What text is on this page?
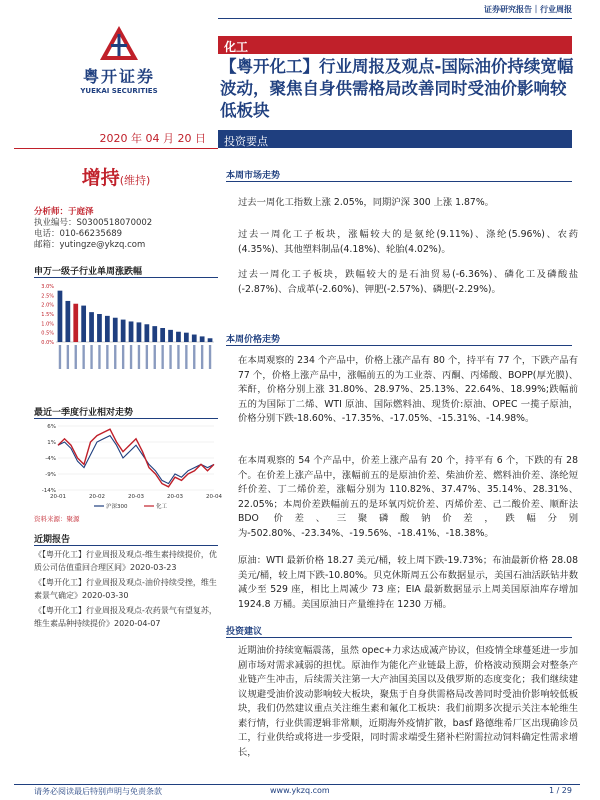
证券研究报告｜行业周报
粤开证券
YUEKAI SECURITIES
化工
【粤开化工】行业周报及观点-国际油价持续宽幅波动，聚焦自身供需格局改善同时受油价影响较低板块
2020 年 04 月 20 日	投资要点
增持(维持)
分析师：于庭泽
执业编号：S0300518070002
电话：010-66235689
邮箱：yutingze@ykzq.com
申万一级子行业单周涨跌幅
3.0%
2.5%
2.0%
1.5%
1.0%
0.5%
0.0%
最近一季度行业相对走势
6%
1%
-4%
-9%
-14%
20-01	20-02	20-03	20-03	20-04
沪深300	化工
资料来源：聚源
近期报告
《【粤开化工】行业周报及观点-维生素持续提价，优质公司估值重回合理区间》2020-03-23
《【粤开化工】行业周报及观点-油价持续受挫，维生素景气确定》2020-03-30
《【粤开化工】行业周报及观点-农药景气有望复苏，维生素品种持续提价》2020-04-07
本周市场走势
过去一周化工指数上涨 2.05%，同期沪深 300 上涨 1.87%。
过去一周化工子板块，涨幅较大的是氨纶(9.11%)、涤纶(5.96%)、农药(4.35%)、其他塑料制品(4.18%)、轮胎(4.02%)。
过去一周化工子板块，跌幅较大的是石油贸易(-6.36%)、磷化工及磷酸盐(-2.87%)、合成革(-2.60%)、钾肥(-2.57%)、磷肥(-2.29%)。
本周价格走势
在本周观察的 234 个产品中，价格上涨产品有 80 个，持平有 77 个，下跌产品有 77 个，价格上涨产品中，涨幅前五的为工业萘、丙酮、丙烯酸、BOPP(厚光膜)、苯酐，价格分别上涨 31.80%、28.97%、25.13%、22.64%、18.99%;跌幅前五的为国际丁二烯、WTI 原油、国际燃料油、现货价:原油、OPEC 一揽子原油，价格分别下跌-18.60%、-17.35%、-17.05%、-15.31%、-14.98%。
在本周观察的 54 个产品中，价差上涨产品有 20 个，持平有 6 个，下跌的有 28 个。在价差上涨产品中，涨幅前五的是原油价差、柴油价差、燃料油价差、涤纶短纤价差、丁二烯价差，涨幅分别为 110.82%、37.47%、35.14%、28.31%、22.05%；本周价差跌幅前五的是环氧丙烷价差、丙烯价差、己二酸价差、顺酐法 BDO 价差、三聚磷酸钠价差，跌幅分别为-502.80%、-23.34%、-19.56%、-18.41%、-18.38%。
原油：WTI 最新价格 18.27 美元/桶，较上周下跌-19.73%；布油最新价格 28.08 美元/桶，较上周下跌-10.80%。贝克休斯周五公布数据显示，美国石油活跃钻井数减少至 529 座，相比上周减少 73 座；EIA 最新数据显示上周美国原油库存增加 1924.8 万桶。美国原油日产量维持在 1230 万桶。
投资建议
近期油价持续宽幅震荡，虽然 opec+力求达成减产协议，但疫情全球蔓延进一步加剧市场对需求减弱的担忧。原油作为能化产业链最上游，价格波动预期会对整条产业链产生冲击，后续需关注第一大产油国美国以及俄罗斯的态度变化；我们继续建议规避受油价波动影响较大板块，聚焦于自身供需格局改善同时受油价影响较低板块，我们仍然建议重点关注维生素和氟化工板块：我们前期多次提示关注本轮维生素行情，行业供需逻辑非常顺，近期海外疫情扩散，basf 路德维希厂区出现确诊员工，行业供给或将进一步受限，同时需求端受生猪补栏附需拉动饲料确定性需求增长，
请务必阅读最后特别声明与免责条款	www.ykzq.com	1 / 29
